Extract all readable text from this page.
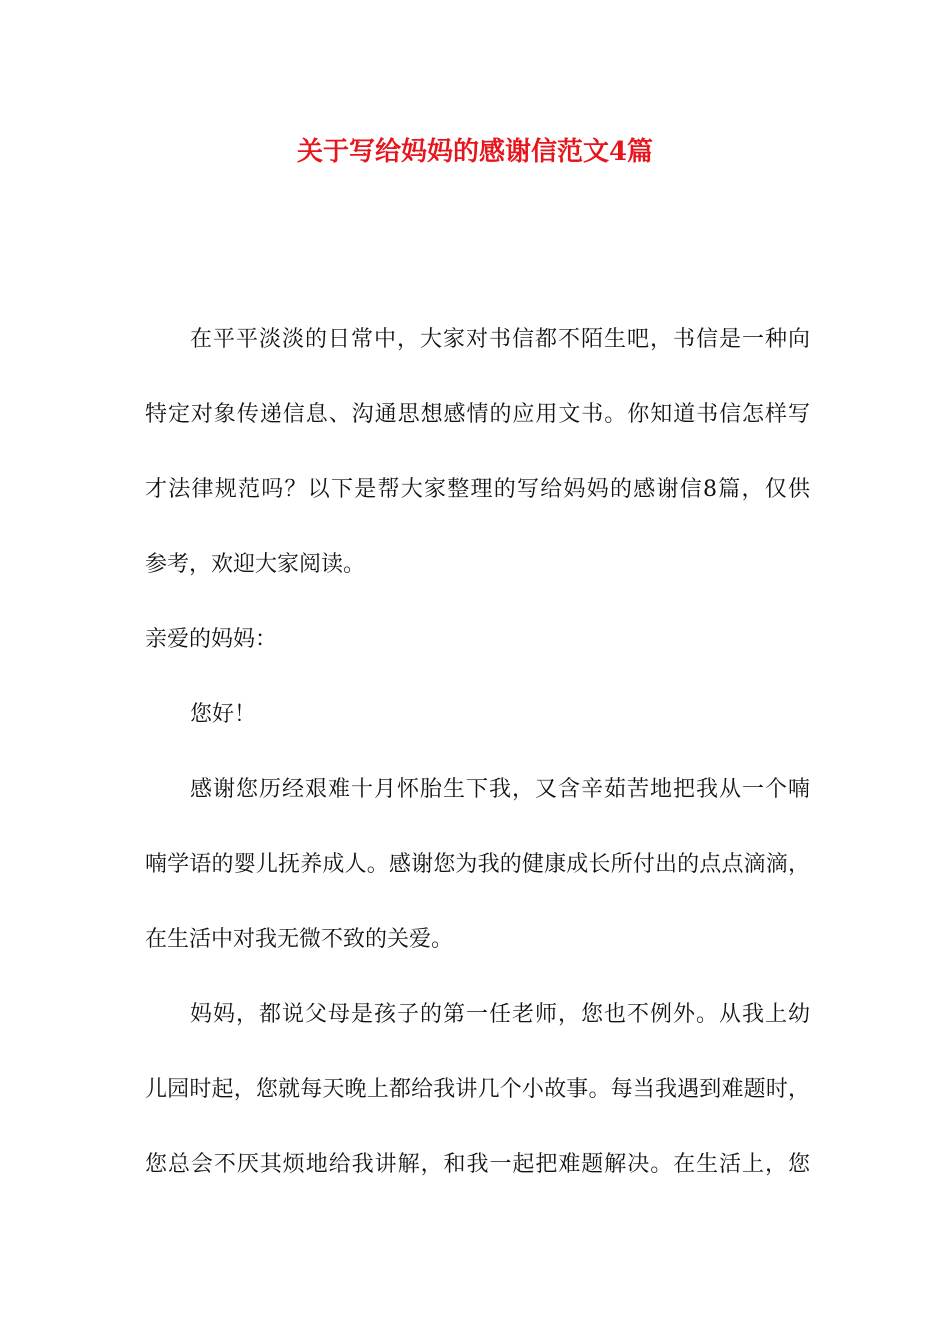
关于写给妈妈的感谢信范文4篇

在平平淡淡的日常中，大家对书信都不陌生吧，书信是一种向

特定对象传递信息、沟通思想感情的应用文书。你知道书信怎样写

才法律规范吗？以下是帮大家整理的写给妈妈的感谢信8篇，仅供

参考，欢迎大家阅读。

亲爱的妈妈：

您好！

感谢您历经艰难十月怀胎生下我，又含辛茹苦地把我从一个喃

喃学语的婴儿抚养成人。感谢您为我的健康成长所付出的点点滴滴，

在生活中对我无微不致的关爱。

妈妈，都说父母是孩子的第一任老师，您也不例外。从我上幼

儿园时起，您就每天晚上都给我讲几个小故事。每当我遇到难题时，

您总会不厌其烦地给我讲解，和我一起把难题解决。在生活上，您
